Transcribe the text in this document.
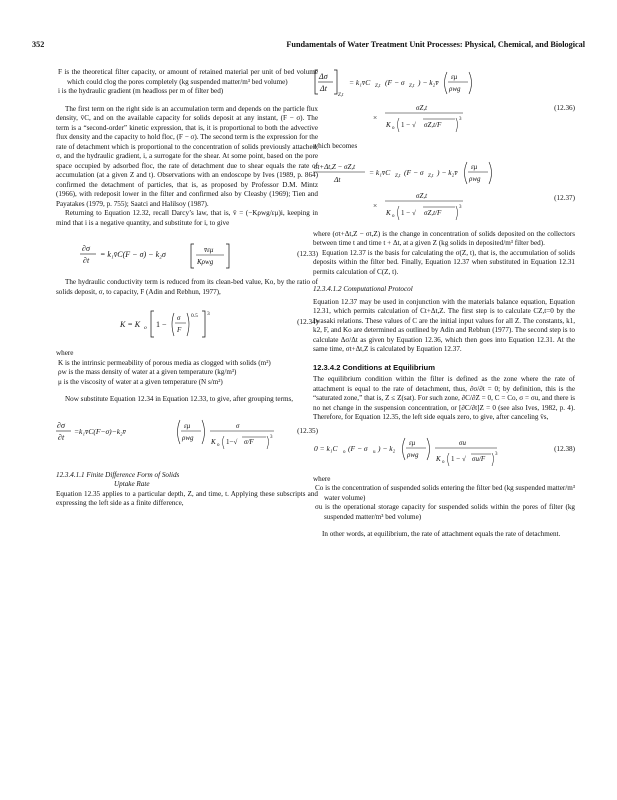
352	Fundamentals of Water Treatment Unit Processes: Physical, Chemical, and Biological

F is the theoretical filter capacity, or amount of retained material per unit of bed volume which could clog the pores completely (kg suspended matter/m³ bed volume)

i is the hydraulic gradient (m headloss per m of filter bed)

The first term on the right side is an accumulation term and depends on the particle flux density, v̄C, and on the available capacity for solids deposit at any instant, (F − σ). The term is a “second-order” kinetic expression, that is, it is proportional to both the advective flux density and the capacity to hold floc, (F − σ). The second term is the expression for the rate of detachment which is proportional to the concentration of solids previously attached, σ, and the hydraulic gradient, i, a surrogate for the shear. At some point, based on the pore space occupied by adsorbed floc, the rate of detachment due to shear equals the rate of accumulation (at a given Z and t). Observations with an endoscope by Ives (1989, p. 864) confirmed the detachment of particles, that is, as proposed by Professor D.M. Mintz (1966), with redeposit lower in the filter and confirmed also by Cleasby (1969); Tien and Payatakes (1979, p. 755); Saatci and Halilsoy (1987).

Returning to Equation 12.32, recall Darcy’s law, that is, v̄ = (−Kρwg/εμ)i, keeping in mind that i is a negative quantity, and substitute for i, to give

∂σ
∂t
= k₁v̄C(F − σ) − k₂σ	v̄εμ
Kρwg
(12.33)

The hydraulic conductivity term is reduced from its clean-bed value, Ko, by the ratio of solids deposit, σ, to capacity, F (Adin and Rebhun, 1977),

K = K o 1 −
σ
F
0.5 3
(12.34)

where

K is the intrinsic permeability of porous media as clogged with solids (m²)

ρw is the mass density of water at a given temperature (kg/m³)

μ is the viscosity of water at a given temperature (N s/m²)

Now substitute Equation 12.34 in Equation 12.33, to give, after grouping terms,

∂σ
∂t
=k₁v̄C(F−σ)−k₂v̄
εμ
ρwg
σ
K o 1−√ σ/F
3
(12.35)

12.3.4.1.1 Finite Difference Form of Solids

Uptake Rate

Equation 12.35 applies to a particular depth, Z, and time, t. Applying these subscripts and expressing the left side as a finite difference,

Δσ
Δt
Z,t
= k₁v̄C Z,t (F − σ Z,t ) − k₂v̄
εμ
ρwg
×
σZ,t
K o 1 − √ σZ,t/F
3
(12.36)

which becomes

σt+Δt,Z − σZ,t
Δt
= k₁v̄C Z,t (F − σ Z,t ) − k₂v̄
εμ
ρwg
×
σZ,t
K o 1 − √ σZ,t/F
3
(12.37)

where (σt+Δt,Z − σt,Z) is the change in concentration of solids deposited on the collectors between time t and time t + Δt, at a given Z (kg solids in deposited/m³ filter bed).

Equation 12.37 is the basis for calculating the σ(Z, t), that is, the accumulation of solids deposits within the filter bed. Finally, Equation 12.37 when substituted in Equation 12.31 permits calculation of C(Z, t).

12.3.4.1.2 Computational Protocol

Equation 12.37 may be used in conjunction with the materials balance equation, Equation 12.31, which permits calculation of Ct+Δt,Z. The first step is to calculate CZ,t=0 by the Iwasaki relations. These values of C are the initial input values for all Z. The constants, k1, k2, F, and Ko are determined as outlined by Adin and Rebhun (1977). The second step is to calculate Δσ/Δt as given by Equation 12.36, which then goes into Equation 12.31. At the same time, σt+Δt,Z is calculated by Equation 12.37.

12.3.4.2 Conditions at Equilibrium

The equilibrium condition within the filter is defined as the zone where the rate of attachment is equal to the rate of detachment, thus, ∂σ/∂t = 0; by definition, this is the “saturated zone,” that is, Z ≤ Z(sat). For such zone, ∂C/∂Z = 0, C = Co, σ = σu, and there is no net change in the suspension concentration, or [∂C/∂t]Z = 0 (see also Ives, 1982, p. 4). Therefore, for Equation 12.35, the left side equals zero, to give, after canceling v̄s,

0 = k₁C o (F − σ u ) − k₂
εμ
ρwg
σu
K o 1 − √ σu/F
3
(12.38)

where

Co is the concentration of suspended solids entering the filter bed (kg suspended matter/m³ water volume)

σu is the operational storage capacity for suspended solids within the pores of filter (kg suspended matter/m³ bed volume)

In other words, at equilibrium, the rate of attachment equals the rate of detachment.
